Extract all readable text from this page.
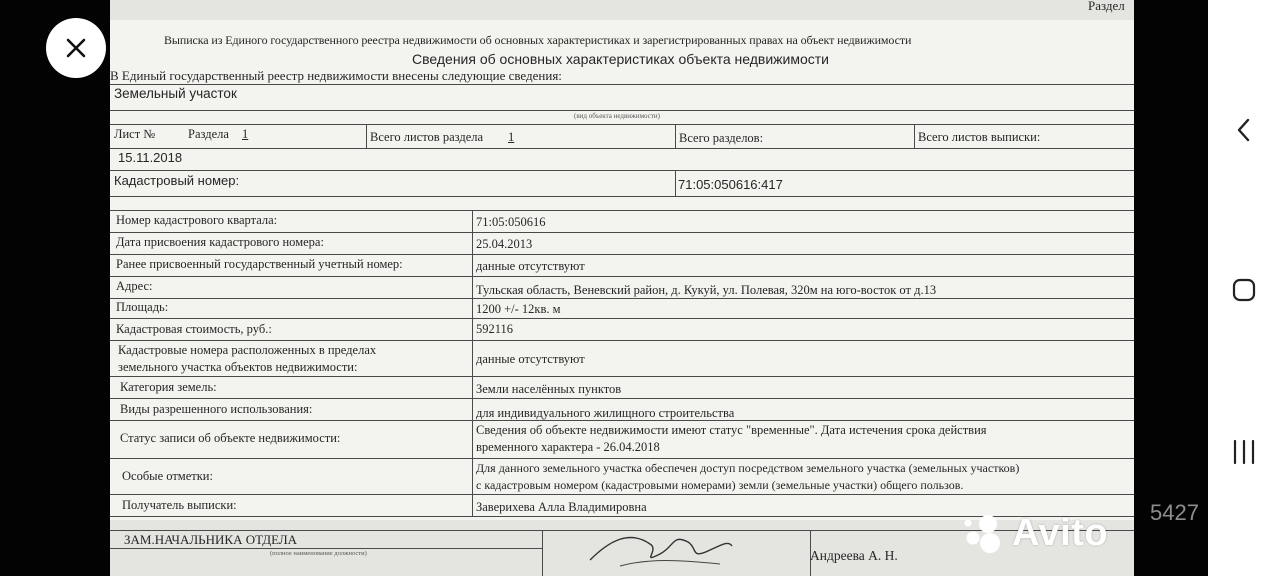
Раздел
Выписка из Единого государственного реестра недвижимости об основных характеристиках и зарегистрированных правах на объект недвижимости
Сведения об основных характеристиках объекта недвижимости
В Единый государственный реестр недвижимости внесены следующие сведения:
Земельный участок
(вид объекта недвижимости)
Лист №	Раздела 1	Всего листов раздела 1	Всего разделов:	Всего листов выписки:
15.11.2018
Кадастровый номер:	71:05:050616:417
Номер кадастрового квартала:	71:05:050616
Дата присвоения кадастрового номера:	25.04.2013
Ранее присвоенный государственный учетный номер:	данные отсутствуют
Адрес:	Тульская область, Веневский район, д. Кукуй, ул. Полевая, 320м на юго-восток от д.13
Площадь:	1200 +/- 12кв. м
Кадастровая стоимость, руб.:	592116
Кадастровые номера расположенных в пределах
земельного участка объектов недвижимости:
данные отсутствуют
Категория земель:	Земли населённых пунктов
Виды разрешенного использования:	для индивидуального жилищного строительства
Статус записи об объекте недвижимости:
Сведения об объекте недвижимости имеют статус "временные". Дата истечения срока действия
временного характера - 26.04.2018
Особые отметки:
Для данного земельного участка обеспечен доступ посредством земельного участка (земельных участков)
с кадастровым номером (кадастровыми номерами) земли (земельные участки) общего пользов.
Получатель выписки:	Заверихева Алла Владимировна
ЗАМ.НАЧАЛЬНИКА ОТДЕЛА
(полное наименование должности)	Андреева А. Н.
5427
Avito
